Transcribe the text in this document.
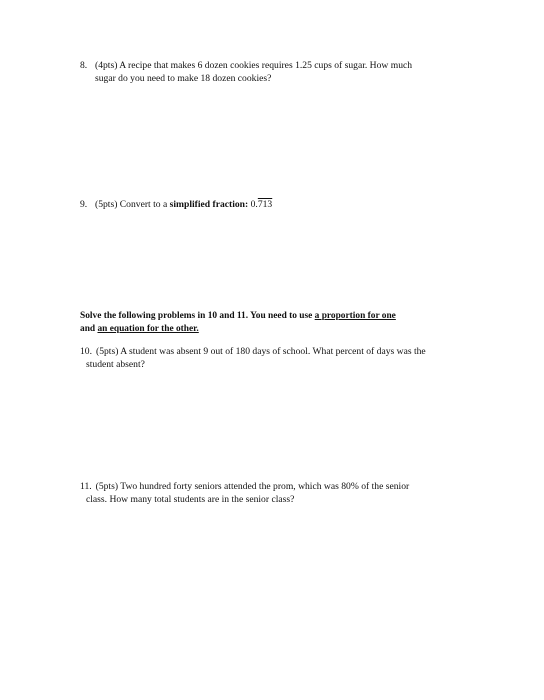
8. (4pts) A recipe that makes 6 dozen cookies requires 1.25 cups of sugar. How much
sugar do you need to make 18 dozen cookies?
9. (5pts) Convert to a simplified fraction: 0.713
Solve the following problems in 10 and 11. You need to use a proportion for one
and an equation for the other.
10. (5pts) A student was absent 9 out of 180 days of school. What percent of days was the
student absent?
11. (5pts) Two hundred forty seniors attended the prom, which was 80% of the senior
class. How many total students are in the senior class?
